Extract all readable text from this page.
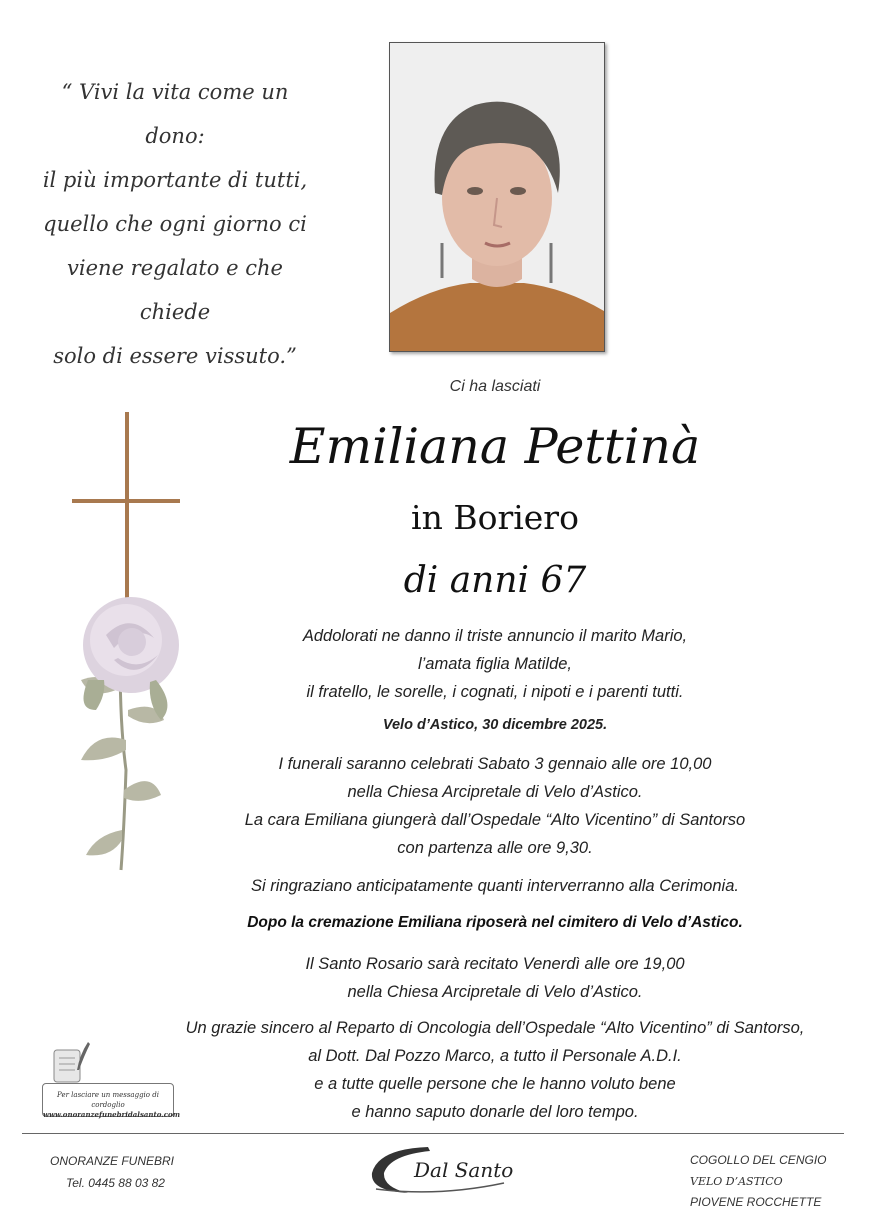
“ Vivi la vita come un dono:
il più importante di tutti,
quello che ogni giorno ci
viene regalato e che chiede
solo di essere vissuto.”
Ci ha lasciati
Emiliana Pettinà
in Boriero
di anni 67
Addolorati ne danno il triste annuncio il marito Mario,
l’amata figlia Matilde,
il fratello, le sorelle, i cognati, i nipoti e i parenti tutti.
Velo d’Astico, 30 dicembre 2025.
I funerali saranno celebrati Sabato 3 gennaio alle ore 10,00
nella Chiesa Arcipretale di Velo d’Astico.
La cara Emiliana giungerà dall’Ospedale “Alto Vicentino” di Santorso
con partenza alle ore 9,30.
Si ringraziano anticipatamente quanti interverranno alla Cerimonia.
Dopo la cremazione Emiliana riposerà nel cimitero di Velo d’Astico.
Il Santo Rosario sarà recitato Venerdì alle ore 19,00
nella Chiesa Arcipretale di Velo d’Astico.
Un grazie sincero al Reparto di Oncologia dell’Ospedale “Alto Vicentino” di Santorso,
al Dott. Dal Pozzo Marco, a tutto il Personale A.D.I.
e a tutte quelle persone che le hanno voluto bene
e hanno saputo donarle del loro tempo.
Per lasciare un messaggio di cordoglio
www.onoranzefunebridalsanto.com
ONORANZE FUNEBRI
Tel. 0445 88 03 82
Dal Santo	COGOLLO DEL CENGIO
VELO D’ASTICO
PIOVENE ROCCHETTE
